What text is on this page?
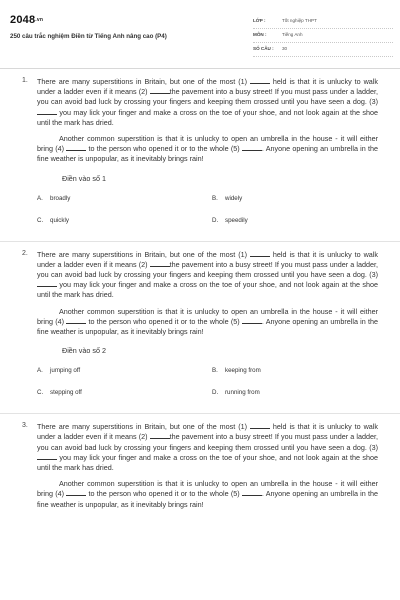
2048.vn
250 câu trắc nghiệm Điền từ Tiếng Anh nâng cao (P4)
LỚP :	Tốt nghiệp THPT
MÔN :	Tiếng Anh
SỐ CÂU : 30
1. There are many superstitions in Britain, but one of the most (1)	held is that it is unlucky to walk under a ladder even if it means (2)	the pavement into a busy street! If you must pass under a ladder, you can avoid bad luck by crossing your fingers and keeping them crossed until you have seen a dog. (3)  you may lick your finger and make a cross on the toe of your shoe, and not look again at the shoe until the mark has dried.

Another common superstition is that it is unlucky to open an umbrella in the house - it will either bring (4)	to the person who opened it or to the whole (5)	. Anyone opening an umbrella in the fine weather is unpopular, as it inevitably brings rain!

Điền vào số 1
A. broadly	B. widely
C. quickly	D. speedily
2. There are many superstitions in Britain, but one of the most (1)	held is that it is unlucky to walk under a ladder even if it means (2)	the pavement into a busy street! If you must pass under a ladder, you can avoid bad luck by crossing your fingers and keeping them crossed until you have seen a dog. (3)  you may lick your finger and make a cross on the toe of your shoe, and not look again at the shoe until the mark has dried.

Another common superstition is that it is unlucky to open an umbrella in the house - it will either bring (4)	to the person who opened it or to the whole (5)	. Anyone opening an umbrella in the fine weather is unpopular, as it inevitably brings rain!

Điền vào số 2
A. jumping off	B. keeping from
C. stepping off	D. running from
3. There are many superstitions in Britain, but one of the most (1)	held is that it is unlucky to walk under a ladder even if it means (2)	the pavement into a busy street! If you must pass under a ladder, you can avoid bad luck by crossing your fingers and keeping them crossed until you have seen a dog. (3)  you may lick your finger and make a cross on the toe of your shoe, and not look again at the shoe until the mark has dried.

Another common superstition is that it is unlucky to open an umbrella in the house - it will either bring (4)	to the person who opened it or to the whole (5)	. Anyone opening an umbrella in the fine weather is unpopular, as it inevitably brings rain!
